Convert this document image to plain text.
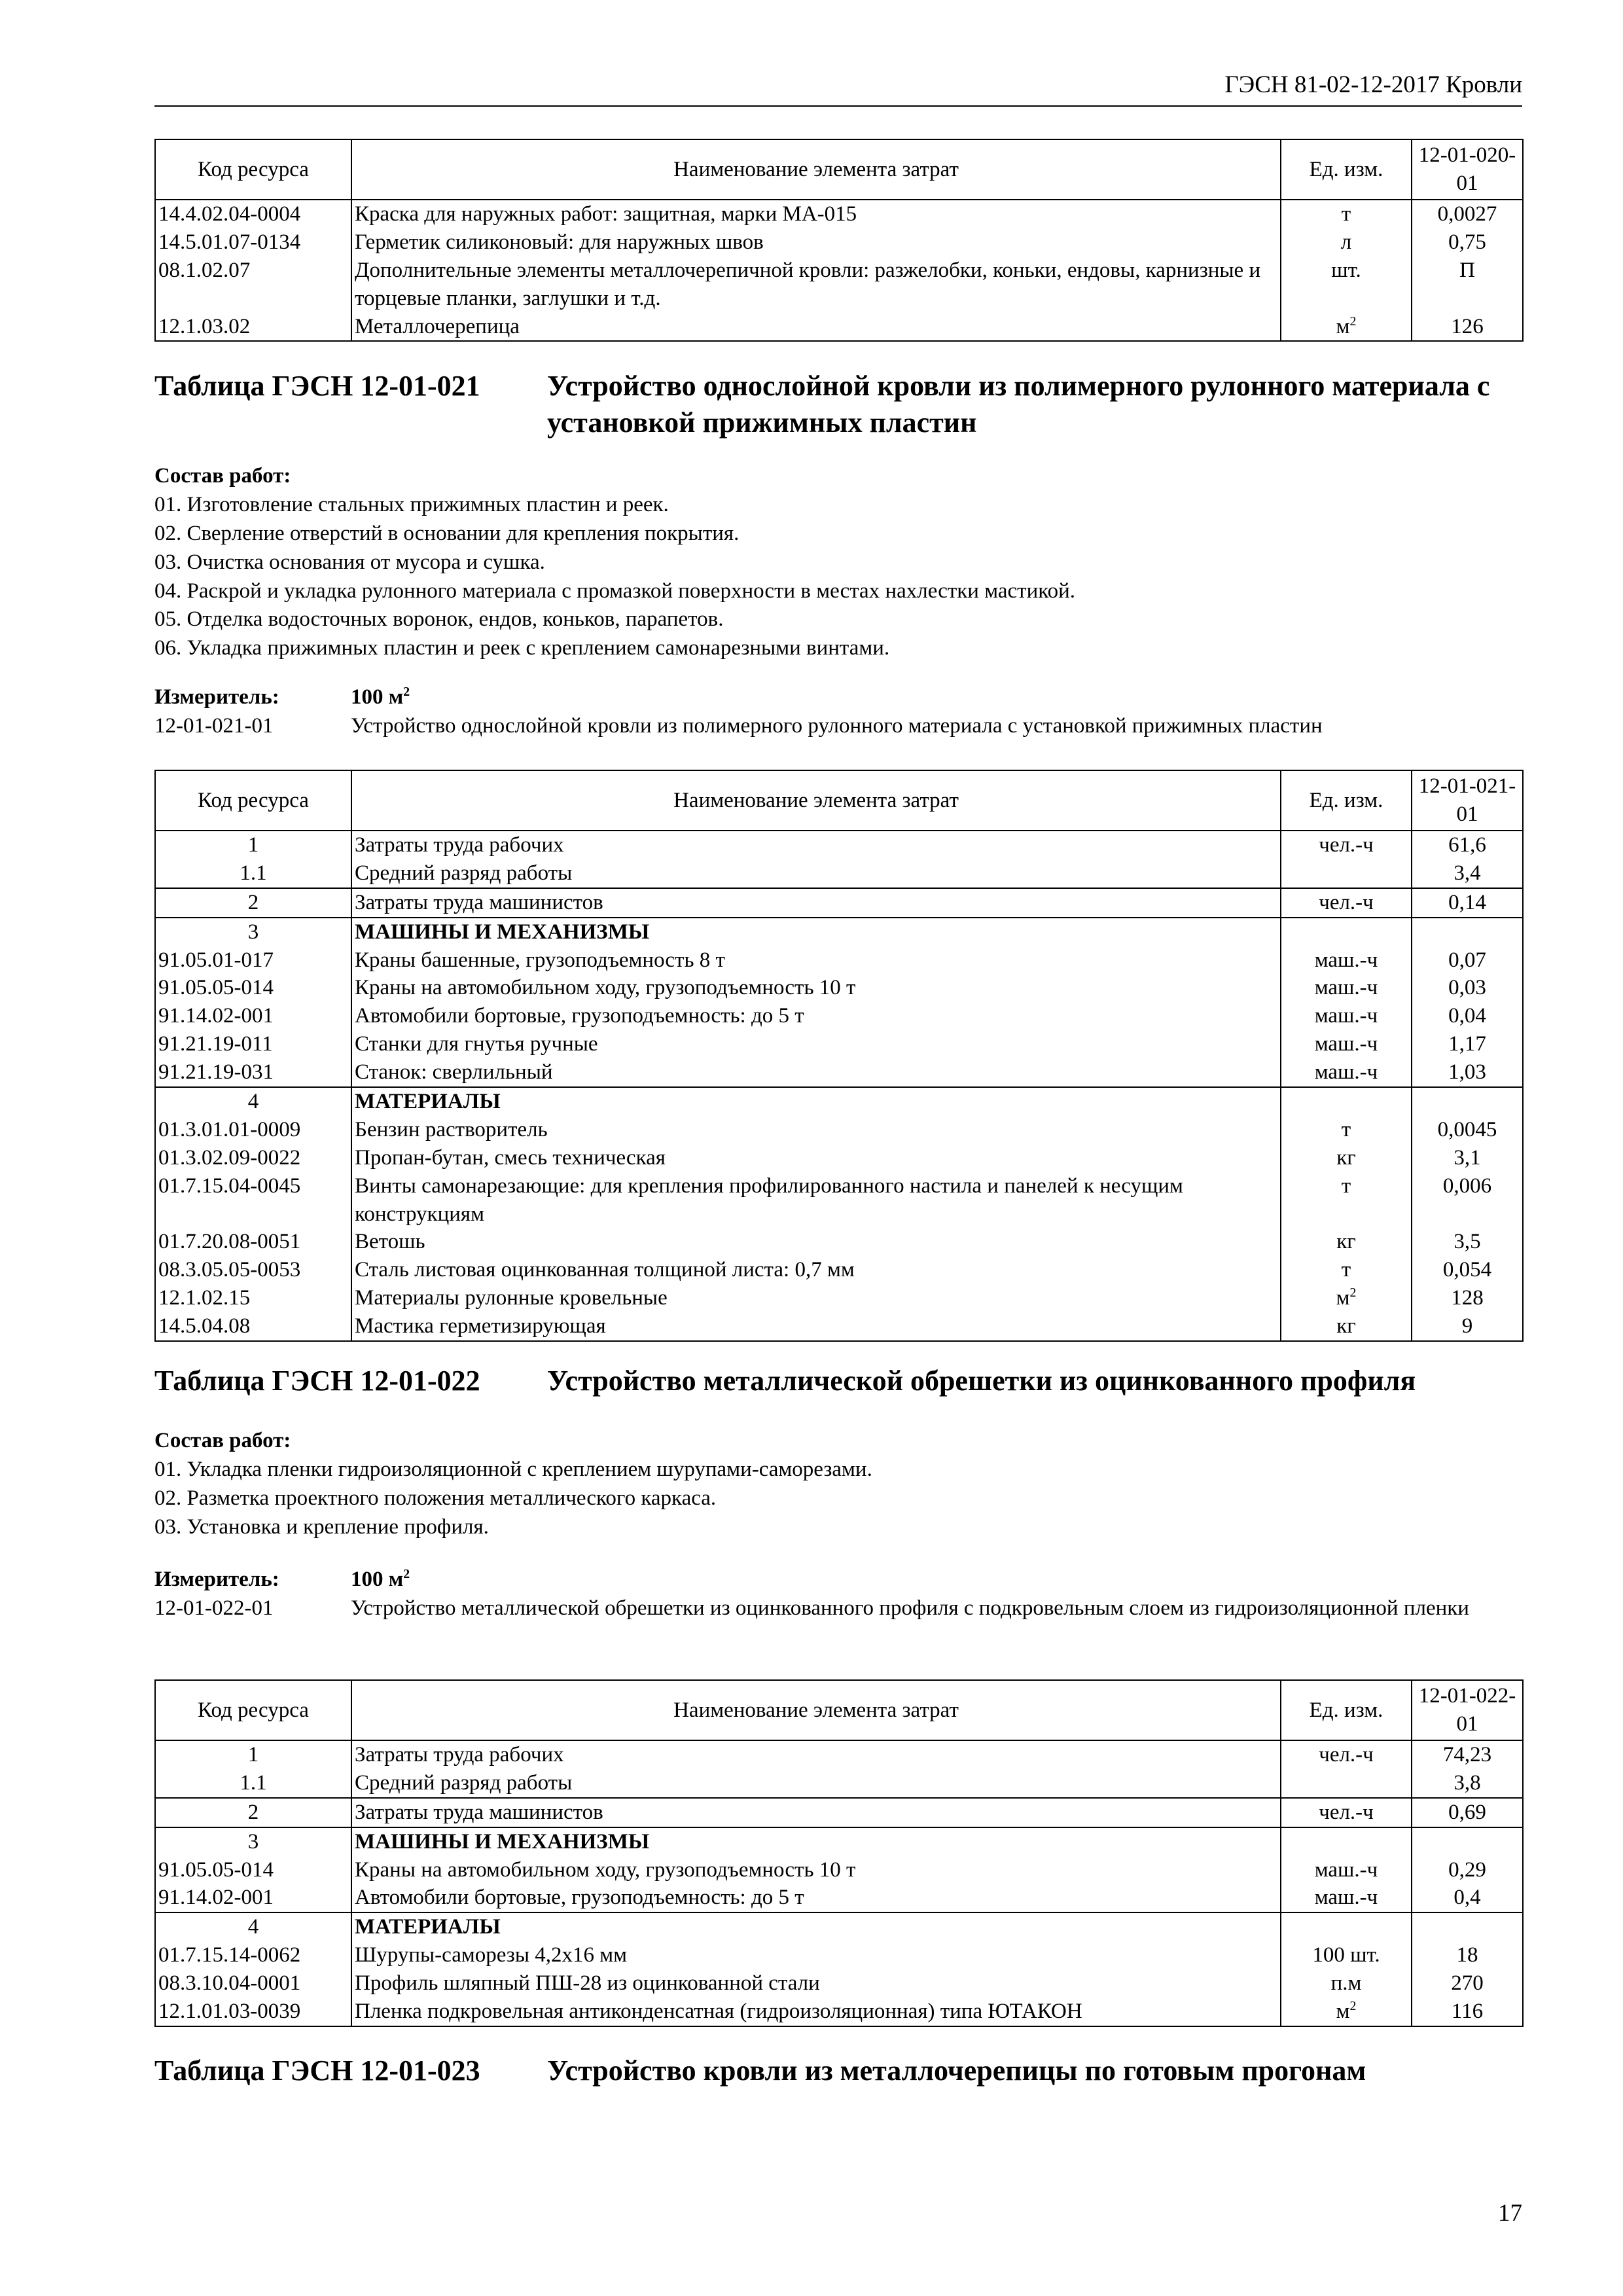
ГЭСН 81-02-12-2017 Кровли
Код ресурса	Наименование элемента затрат	Ед. изм.	12-01-020-01
14.4.02.04-0004	Краска для наружных работ: защитная, марки МА-015	т	0,0027
14.5.01.07-0134	Герметик силиконовый: для наружных швов	л	0,75
08.1.02.07	Дополнительные элементы металлочерепичной кровли: разжелобки, коньки, ендовы, карнизные и торцевые планки, заглушки и т.д.	шт.	П
12.1.03.02	Металлочерепица	$м^2$	126
Таблица ГЭСН 12-01-021 Устройство однослойной кровли из полимерного рулонного материала с установкой прижимных пластин
Состав работ:
01. Изготовление стальных прижимных пластин и реек.
02. Сверление отверстий в основании для крепления покрытия.
03. Очистка основания от мусора и сушка.
04. Раскрой и укладка рулонного материала с промазкой поверхности в местах нахлестки мастикой.
05. Отделка водосточных воронок, ендов, коньков, парапетов.
06. Укладка прижимных пластин и реек с креплением самонарезными винтами.
Измеритель:	100 $м^2$
12-01-021-01	Устройство однослойной кровли из полимерного рулонного материала с установкой прижимных пластин
Код ресурса	Наименование элемента затрат	Ед. изм.	12-01-021-01
1	Затраты труда рабочих	чел.-ч	61,6
1.1	Средний разряд работы		3,4
2	Затраты труда машинистов	чел.-ч	0,14
3	МАШИНЫ И МЕХАНИЗМЫ		
91.05.01-017	Краны башенные, грузоподъемность 8 т	маш.-ч	0,07
91.05.05-014	Краны на автомобильном ходу, грузоподъемность 10 т	маш.-ч	0,03
91.14.02-001	Автомобили бортовые, грузоподъемность: до 5 т	маш.-ч	0,04
91.21.19-011	Станки для гнутья ручные	маш.-ч	1,17
91.21.19-031	Станок: сверлильный	маш.-ч	1,03
4	МАТЕРИАЛЫ		
01.3.01.01-0009	Бензин растворитель	т	0,0045
01.3.02.09-0022	Пропан-бутан, смесь техническая	кг	3,1
01.7.15.04-0045	Винты самонарезающие: для крепления профилированного настила и панелей к несущим конструкциям	т	0,006
01.7.20.08-0051	Ветошь	кг	3,5
08.3.05.05-0053	Сталь листовая оцинкованная толщиной листа: 0,7 мм	т	0,054
12.1.02.15	Материалы рулонные кровельные	$м^2$	128
14.5.04.08	Мастика герметизирующая	кг	9
Таблица ГЭСН 12-01-022 Устройство металлической обрешетки из оцинкованного профиля
Состав работ:
01. Укладка пленки гидроизоляционной с креплением шурупами-саморезами.
02. Разметка проектного положения металлического каркаса.
03. Установка и крепление профиля.
Измеритель:	100 $м^2$
12-01-022-01	Устройство металлической обрешетки из оцинкованного профиля с подкровельным слоем из гидроизоляционной пленки
Код ресурса	Наименование элемента затрат	Ед. изм.	12-01-022-01
1	Затраты труда рабочих	чел.-ч	74,23
1.1	Средний разряд работы		3,8
2	Затраты труда машинистов	чел.-ч	0,69
3	МАШИНЫ И МЕХАНИЗМЫ		
91.05.05-014	Краны на автомобильном ходу, грузоподъемность 10 т	маш.-ч	0,29
91.14.02-001	Автомобили бортовые, грузоподъемность: до 5 т	маш.-ч	0,4
4	МАТЕРИАЛЫ		
01.7.15.14-0062	Шурупы-саморезы 4,2х16 мм	100 шт.	18
08.3.10.04-0001	Профиль шляпный ПШ-28 из оцинкованной стали	п.м	270
12.1.01.03-0039	Пленка подкровельная антиконденсатная (гидроизоляционная) типа ЮТАКОН	$м^2$	116
Таблица ГЭСН 12-01-023 Устройство кровли из металлочерепицы по готовым прогонам
17
